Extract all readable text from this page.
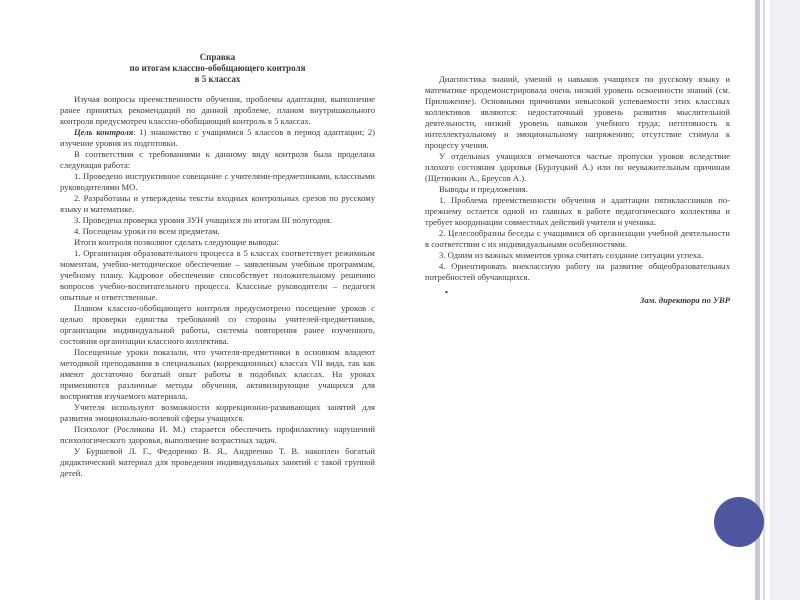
Справка
по итогам классно-обобщающего контроля
в 5 классах

Изучая вопросы преемственности обучения, проблемы адаптации, выполнение ранее принятых рекомендаций по данной проблеме, планом внутришкольного контроля предусмотрен классно-обобщающий контроль в 5 классах.

Цель контроля: 1) знакомство с учащимися 5 классов в период адаптации; 2) изучение уровня их подготовки.

В соответствии с требованиями к данному виду контроля была проделана следующая работа:

1. Проведено инструктивное совещание с учителями-предметниками, классными руководителями МО.

2. Разработаны и утверждены тексты входных контрольных срезов по русскому языку и математике.

3. Проведена проверка уровня ЗУН учащихся по итогам III полугодия.

4. Посещены уроки по всем предметам.

Итоги контроля позволяют сделать следующие выводы:

1. Организация образовательного процесса в 5 классах соответствует режимным моментам, учебно-методическое обеспечение – заявленным учебным программам, учебному плану. Кадровое обеспечение способствует положительному решению вопросов учебно-воспитательного процесса. Классные руководители – педагоги опытные и ответственные.

Планом классно-обобщающего контроля предусмотрено посещение уроков с целью проверки единства требований со стороны учителей-предметников, организации индивидуальной работы, системы повторения ранее изученного, состояния организации классного коллектива.

Посещенные уроки показали, что учителя-предметники в основном владеют методикой преподавания в специальных (коррекционных) классах VII вида, так как имеют достаточно богатый опыт работы в подобных классах. На уроках применяются различные методы обучения, активизирующие учащихся для восприятия изучаемого материала.

Учителя используют возможности коррекционно-развивающих занятий для развития эмоционально-волевой сферы учащихся.

Психолог (Росликова И. М.) старается обеспечить профилактику нарушений психологического здоровья, выполнение возрастных задач.

У Буршевой Л. Г., Федоренко В. Я., Андреенко Т. В. накоплен богатый дидактический материал для проведения индивидуальных занятий с такой группой детей.

Диагностика знаний, умений и навыков учащихся по русскому языку и математике продемонстрировала очень низкий уровень освоенности знаний (см. Приложение). Основными причинами невысокой успеваемости этих классных коллективов являются: недостаточный уровень развития мыслительной деятельности, низкий уровень навыков учебного труда; неготовность к интеллектуальному и эмоциональному напряжению; отсутствие стимула к процессу учения.

У отдельных учащихся отмечаются частые пропуски уроков вследствие плохого состояния здоровья (Бурлуцкий А.) или по неуважительным причинам (Щетинкин А., Бреусов А.).

Выводы и предложения.

1. Проблема преемственности обучения и адаптации пятиклассников по-прежнему остается одной из главных в работе педагогического коллектива и требует координации совместных действий учителя и ученика.

2. Целесообразны беседы с учащимися об организации учебной деятельности в соответствии с их индивидуальными особенностями.

3. Одним из важных моментов урока считать создание ситуации успеха.

4. Ориентировать внеклассную работу на развитие общеобразовательных потребностей обучающихся.

•

Зам. директора по УВР
